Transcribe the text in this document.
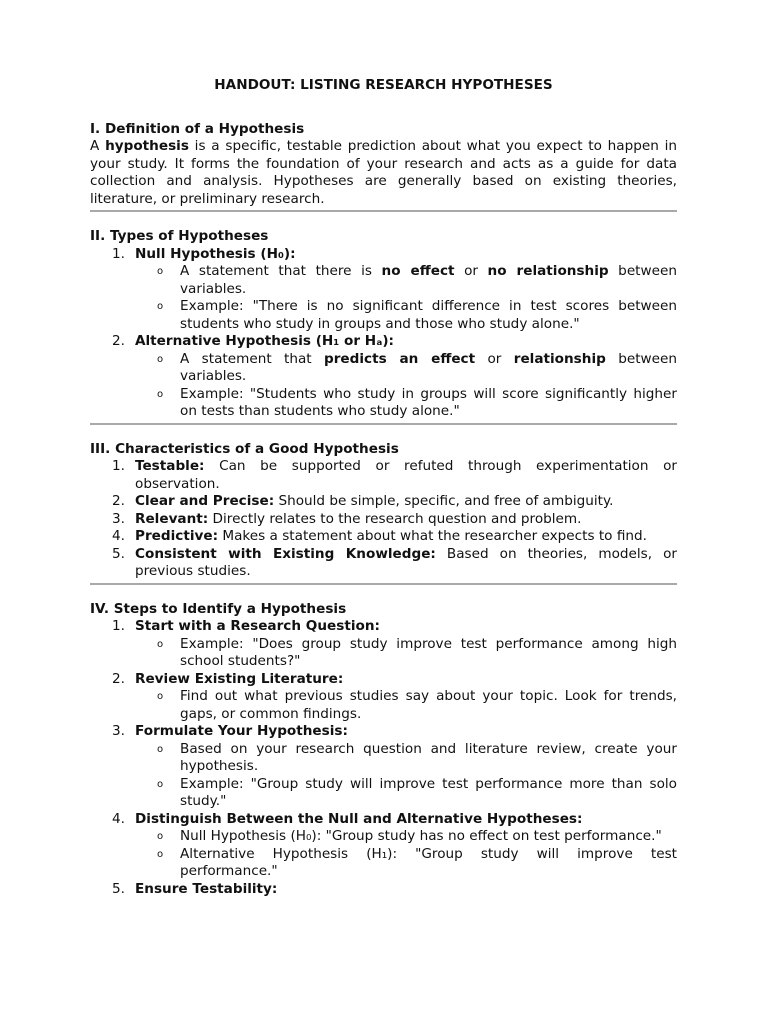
HANDOUT: LISTING RESEARCH HYPOTHESES
I. Definition of a Hypothesis

A hypothesis is a specific, testable prediction about what you expect to happen in your study. It forms the foundation of your research and acts as a guide for data collection and analysis. Hypotheses are generally based on existing theories, literature, or preliminary research.

II. Types of Hypotheses
1. Null Hypothesis (H₀):
o A statement that there is no effect or no relationship between variables.
o Example: "There is no significant difference in test scores between students who study in groups and those who study alone."
2. Alternative Hypothesis (H₁ or Hₐ):
o A statement that predicts an effect or relationship between variables.
o Example: "Students who study in groups will score significantly higher on tests than students who study alone."
III. Characteristics of a Good Hypothesis
1. Testable: Can be supported or refuted through experimentation or observation.
2. Clear and Precise: Should be simple, specific, and free of ambiguity.
3. Relevant: Directly relates to the research question and problem.
4. Predictive: Makes a statement about what the researcher expects to find.
5. Consistent with Existing Knowledge: Based on theories, models, or previous studies.
IV. Steps to Identify a Hypothesis
1. Start with a Research Question:
o Example: "Does group study improve test performance among high school students?"
2. Review Existing Literature:
o Find out what previous studies say about your topic. Look for trends, gaps, or common findings.
3. Formulate Your Hypothesis:
o Based on your research question and literature review, create your hypothesis.
o Example: "Group study will improve test performance more than solo study."
4. Distinguish Between the Null and Alternative Hypotheses:
o Null Hypothesis (H₀): "Group study has no effect on test performance."
o Alternative Hypothesis (H₁): "Group study will improve test performance."
5. Ensure Testability:
